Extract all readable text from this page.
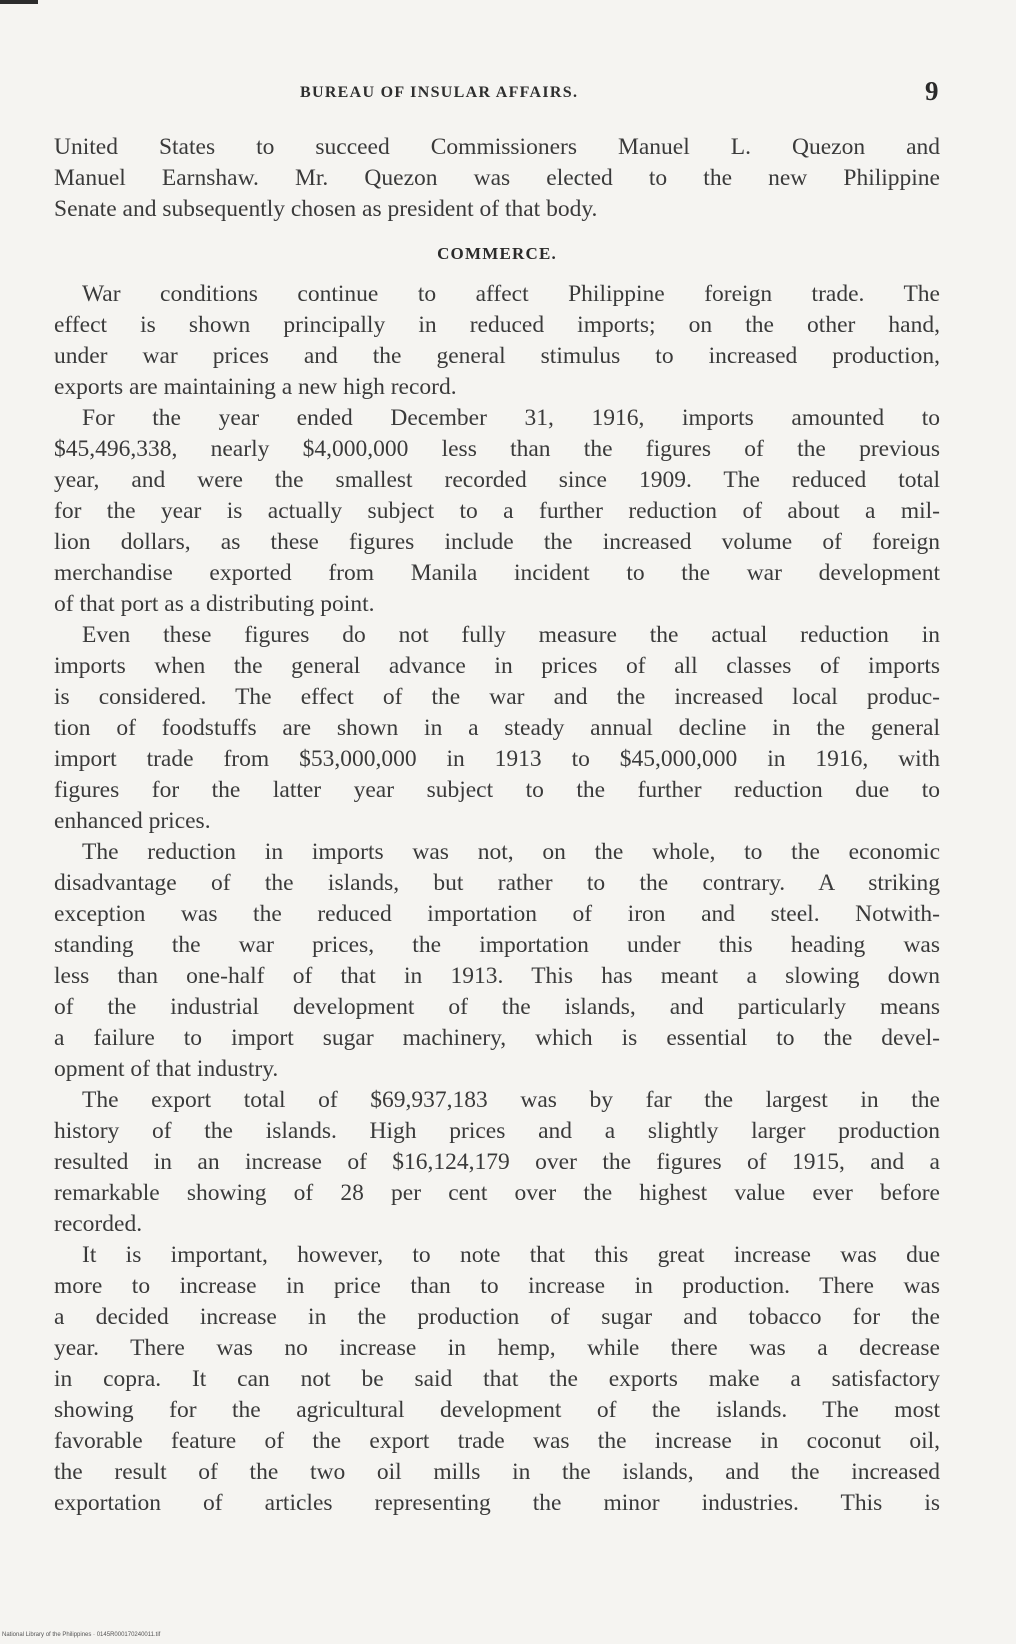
BUREAU OF INSULAR AFFAIRS.	9
United States to succeed Commissioners Manuel L. Quezon and
Manuel Earnshaw. Mr. Quezon was elected to the new Philippine
Senate and subsequently chosen as president of that body.
COMMERCE.
War conditions continue to affect Philippine foreign trade. The
effect is shown principally in reduced imports; on the other hand,
under war prices and the general stimulus to increased production,
exports are maintaining a new high record.
For the year ended December 31, 1916, imports amounted to
$45,496,338, nearly $4,000,000 less than the figures of the previous
year, and were the smallest recorded since 1909. The reduced total
for the year is actually subject to a further reduction of about a mil-
lion dollars, as these figures include the increased volume of foreign
merchandise exported from Manila incident to the war development
of that port as a distributing point.
Even these figures do not fully measure the actual reduction in
imports when the general advance in prices of all classes of imports
is considered. The effect of the war and the increased local produc-
tion of foodstuffs are shown in a steady annual decline in the general
import trade from $53,000,000 in 1913 to $45,000,000 in 1916, with
figures for the latter year subject to the further reduction due to
enhanced prices.
The reduction in imports was not, on the whole, to the economic
disadvantage of the islands, but rather to the contrary. A striking
exception was the reduced importation of iron and steel. Notwith-
standing the war prices, the importation under this heading was
less than one-half of that in 1913. This has meant a slowing down
of the industrial development of the islands, and particularly means
a failure to import sugar machinery, which is essential to the devel-
opment of that industry.
The export total of $69,937,183 was by far the largest in the
history of the islands. High prices and a slightly larger production
resulted in an increase of $16,124,179 over the figures of 1915, and a
remarkable showing of 28 per cent over the highest value ever before
recorded.
It is important, however, to note that this great increase was due
more to increase in price than to increase in production. There was
a decided increase in the production of sugar and tobacco for the
year. There was no increase in hemp, while there was a decrease
in copra. It can not be said that the exports make a satisfactory
showing for the agricultural development of the islands. The most
favorable feature of the export trade was the increase in coconut oil,
the result of the two oil mills in the islands, and the increased
exportation of articles representing the minor industries. This is
National Library of the Philippines · 0145R000170240011.tif
